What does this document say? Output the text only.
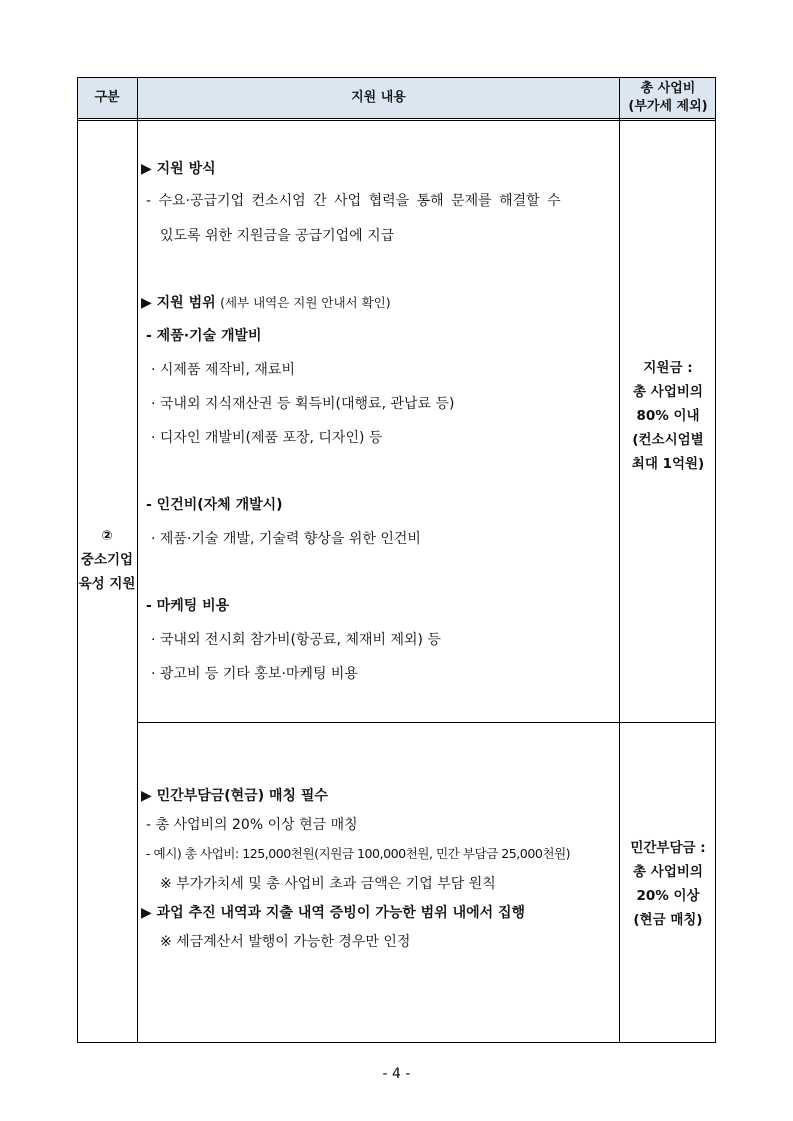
구분	지원 내용
총 사업비
(부가세 제외)
②
중소기업
육성 지원
▶ 지원 방식
- 수요·공급기업 컨소시엄 간 사업 협력을 통해 문제를 해결할 수
있도록 위한 지원금을 공급기업에 지급
▶ 지원 범위 (세부 내역은 지원 안내서 확인)
- 제품·기술 개발비
· 시제품 제작비, 재료비
· 국내외 지식재산권 등 획득비(대행료, 관납료 등)
· 디자인 개발비(제품 포장, 디자인) 등
- 인건비(자체 개발시)
· 제품·기술 개발, 기술력 향상을 위한 인건비
- 마케팅 비용
· 국내외 전시회 참가비(항공료, 체재비 제외) 등
· 광고비 등 기타 홍보·마케팅 비용
지원금 :
총 사업비의
80% 이내
(컨소시엄별
최대 1억원)
▶ 민간부담금(현금) 매칭 필수
- 총 사업비의 20% 이상 현금 매칭
- 예시) 총 사업비: 125,000천원(지원금 100,000천원, 민간 부담금 25,000천원)
※ 부가가치세 및 총 사업비 초과 금액은 기업 부담 원칙
▶ 과업 추진 내역과 지출 내역 증빙이 가능한 범위 내에서 집행
※ 세금계산서 발행이 가능한 경우만 인정
민간부담금 :
총 사업비의
20% 이상
(현금 매칭)
- 4 -
